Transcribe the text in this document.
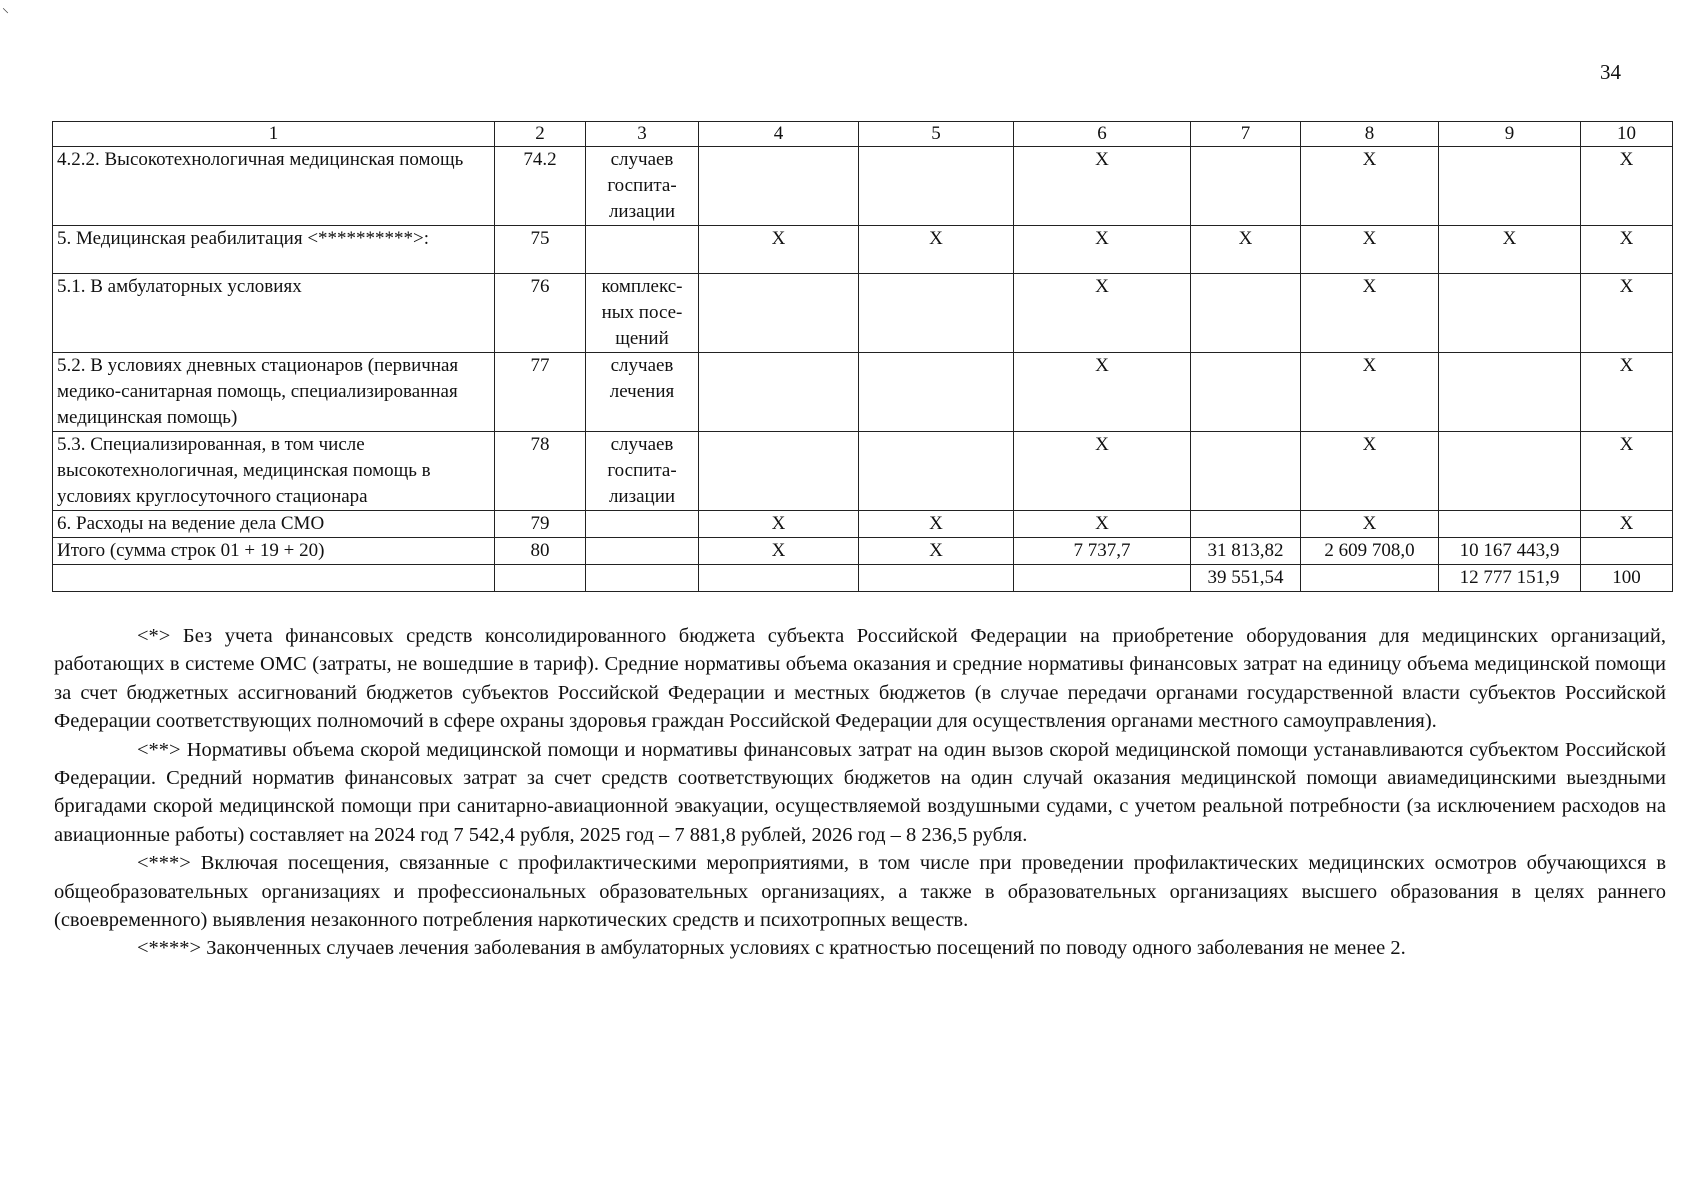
⸌
34
1	2	3	4	5	6	7	8	9	10
4.2.2. Высокотехнологичная медицинская помощь	74.2	случаев госпита-лизации			Х		Х		Х
5. Медицинская реабилитация <**********>:	75		Х	Х	Х	Х	Х	Х	Х
5.1. В амбулаторных условиях	76	комплекс-ных посе-щений			Х		Х		Х
5.2. В условиях дневных стационаров (первичная медико-санитарная помощь, специализированная медицинская помощь)	77	случаев лечения			Х		Х		Х
5.3. Специализированная, в том числе высокотехнологичная, медицинская помощь в условиях круглосуточного стационара	78	случаев госпита-лизации			Х		Х		Х
6. Расходы на ведение дела СМО	79		Х	Х	Х		Х		Х
Итого (сумма строк 01 + 19 + 20)	80		Х	Х	7 737,7	31 813,82	2 609 708,0	10 167 443,9	
						39 551,54		12 777 151,9	100

<*> Без учета финансовых средств консолидированного бюджета субъекта Российской Федерации на приобретение оборудования для медицинских организаций, работающих в системе ОМС (затраты, не вошедшие в тариф). Средние нормативы объема оказания и средние нормативы финансовых затрат на единицу объема медицинской помощи за счет бюджетных ассигнований бюджетов субъектов Российской Федерации и местных бюджетов (в случае передачи органами государственной власти субъектов Российской Федерации соответствующих полномочий в сфере охраны здоровья граждан Российской Федерации для осуществления органами местного самоуправления).

<**> Нормативы объема скорой медицинской помощи и нормативы финансовых затрат на один вызов скорой медицинской помощи устанавливаются субъектом Российской Федерации. Средний норматив финансовых затрат за счет средств соответствующих бюджетов на один случай оказания медицинской помощи авиамедицинскими выездными бригадами скорой медицинской помощи при санитарно-авиационной эвакуации, осуществляемой воздушными судами, с учетом реальной потребности (за исключением расходов на авиационные работы) составляет на 2024 год 7 542,4 рубля, 2025 год – 7 881,8 рублей, 2026 год – 8 236,5 рубля.

<***> Включая посещения, связанные с профилактическими мероприятиями, в том числе при проведении профилактических медицинских осмотров обучающихся в общеобразовательных организациях и профессиональных образовательных организациях, а также в образовательных организациях высшего образования в целях раннего (своевременного) выявления незаконного потребления наркотических средств и психотропных веществ.

<****> Законченных случаев лечения заболевания в амбулаторных условиях с кратностью посещений по поводу одного заболевания не менее 2.
